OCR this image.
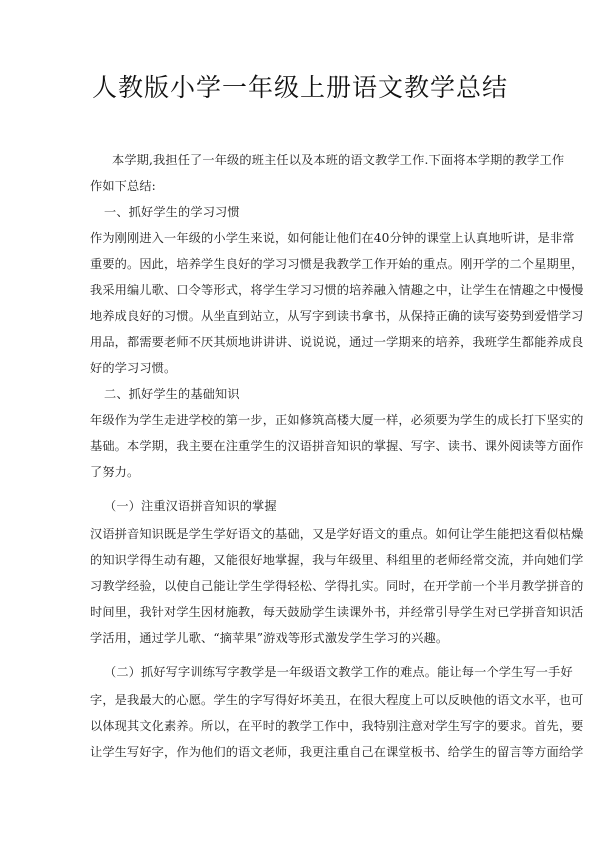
人教版小学一年级上册语文教学总结
本学期,我担任了一年级的班主任以及本班的语文教学工作.下面将本学期的教学工作
作如下总结:
一、抓好学生的学习习惯
作为刚刚进入一年级的小学生来说，如何能让他们在40分钟的课堂上认真地听讲，是非常
重要的。因此，培养学生良好的学习习惯是我教学工作开始的重点。刚开学的二个星期里，
我采用编儿歌、口令等形式，将学生学习习惯的培养融入情趣之中，让学生在情趣之中慢慢
地养成良好的习惯。从坐直到站立，从写字到读书拿书，从保持正确的读写姿势到爱惜学习
用品，都需要老师不厌其烦地讲讲讲、说说说，通过一学期来的培养，我班学生都能养成良
好的学习习惯。
二、抓好学生的基础知识
年级作为学生走进学校的第一步，正如修筑高楼大厦一样，必须要为学生的成长打下坚实的
基础。本学期，我主要在注重学生的汉语拼音知识的掌握、写字、读书、课外阅读等方面作
了努力。
（一）注重汉语拼音知识的掌握
汉语拼音知识既是学生学好语文的基础，又是学好语文的重点。如何让学生能把这看似枯燥
的知识学得生动有趣，又能很好地掌握，我与年级里、科组里的老师经常交流，并向她们学
习教学经验，以使自己能让学生学得轻松、学得扎实。同时，在开学前一个半月教学拼音的
时间里，我针对学生因材施教，每天鼓励学生读课外书，并经常引导学生对已学拼音知识活
学活用，通过学儿歌、“摘苹果”游戏等形式激发学生学习的兴趣。
（二）抓好写字训练写字教学是一年级语文教学工作的难点。能让每一个学生写一手好
字，是我最大的心愿。学生的字写得好坏美丑，在很大程度上可以反映他的语文水平，也可
以体现其文化素养。所以，在平时的教学工作中，我特别注意对学生写字的要求。首先，要
让学生写好字，作为他们的语文老师，我更注重自己在课堂板书、给学生的留言等方面给学
